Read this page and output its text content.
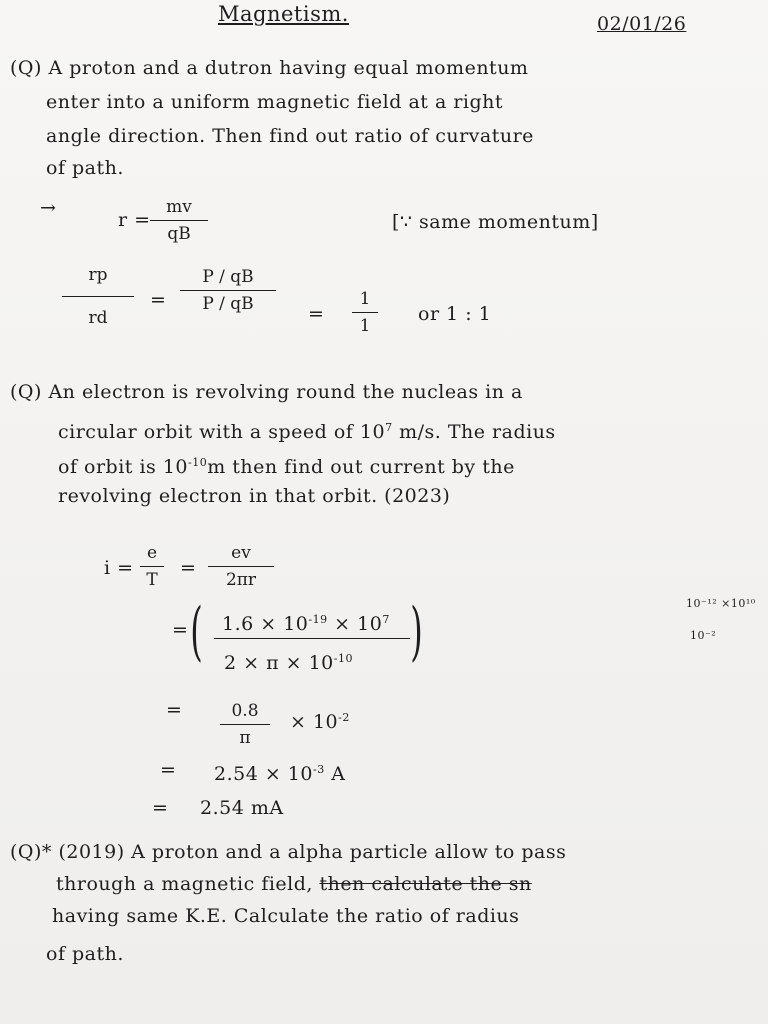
Magnetism.	02/01/26
(Q) A proton and a dutron having equal momentum
enter into a uniform magnetic field at a right
angle direction. Then find out ratio of curvature
of path.
→
r =
mv
qB
[∵ same momentum]
rp
rd
=
P / qB
P / qB	=
1
1
or 1 : 1
(Q) An electron is revolving round the nucleas in a
circular orbit with a speed of $10^7$ m/s. The radius
of orbit is $10^{-10}m$ then find out current by the
revolving electron in that orbit. (2023)
i =
e
T
=
ev
2πr
10⁻¹² ×10¹⁰
10⁻²
= ( $1.6 \times 10^{-19} \times 10^7$
$2 \times \pi \times 10^{-10}$ )
=	0.8
π
× $10^{-2}$
= $2.54 \times 10^{-3}$ A
= 2.54 mA
(Q)* (2019) A proton and a alpha particle allow to pass
through a magnetic field, then calculate the sn
having same K.E. Calculate the ratio of radius
of path.
